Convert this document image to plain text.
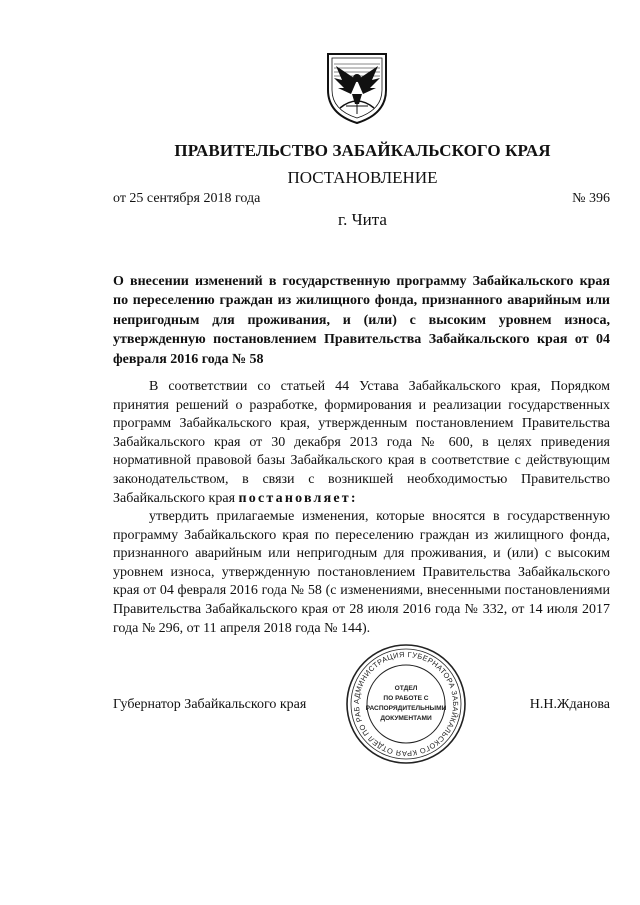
ПРАВИТЕЛЬСТВО ЗАБАЙКАЛЬСКОГО КРАЯ
ПОСТАНОВЛЕНИЕ
от 25 сентября 2018 года	№ 396
г. Чита
О внесении изменений в государственную программу Забайкальского края по переселению граждан из жилищного фонда, признанного аварийным или непригодным для проживания, и (или) с высоким уровнем износа, утвержденную постановлением Правительства Забайкальского края от 04 февраля 2016 года № 58
В соответствии со статьей 44 Устава Забайкальского края, Порядком принятия решений о разработке, формирования и реализации государственных программ Забайкальского края, утвержденным постановлением Правительства Забайкальского края от 30 декабря 2013 года № 600, в целях приведения нормативной правовой базы Забайкальского края в соответствие с действующим законодательством, в связи с возникшей необходимостью Правительство Забайкальского края постановляет:
утвердить прилагаемые изменения, которые вносятся в государственную программу Забайкальского края по переселению граждан из жилищного фонда, признанного аварийным или непригодным для проживания, и (или) с высоким уровнем износа, утвержденную постановлением Правительства Забайкальского края от 04 февраля 2016 года № 58 (с изменениями, внесенными постановлениями Правительства Забайкальского края от 28 июля 2016 года № 332, от 14 июля 2017 года № 296, от 11 апреля 2018 года № 144).
Губернатор Забайкальского края	Н.Н.Жданова
АДМИНИСТРАЦИЯ ГУБЕРНАТОРА ЗАБАЙКАЛЬСКОГО КРАЯ ОТДЕЛ ПО РАБ
ОТДЕЛ
ПО РАБОТЕ С
РАСПОРЯДИТЕЛЬНЫМИ
ДОКУМЕНТАМИ
